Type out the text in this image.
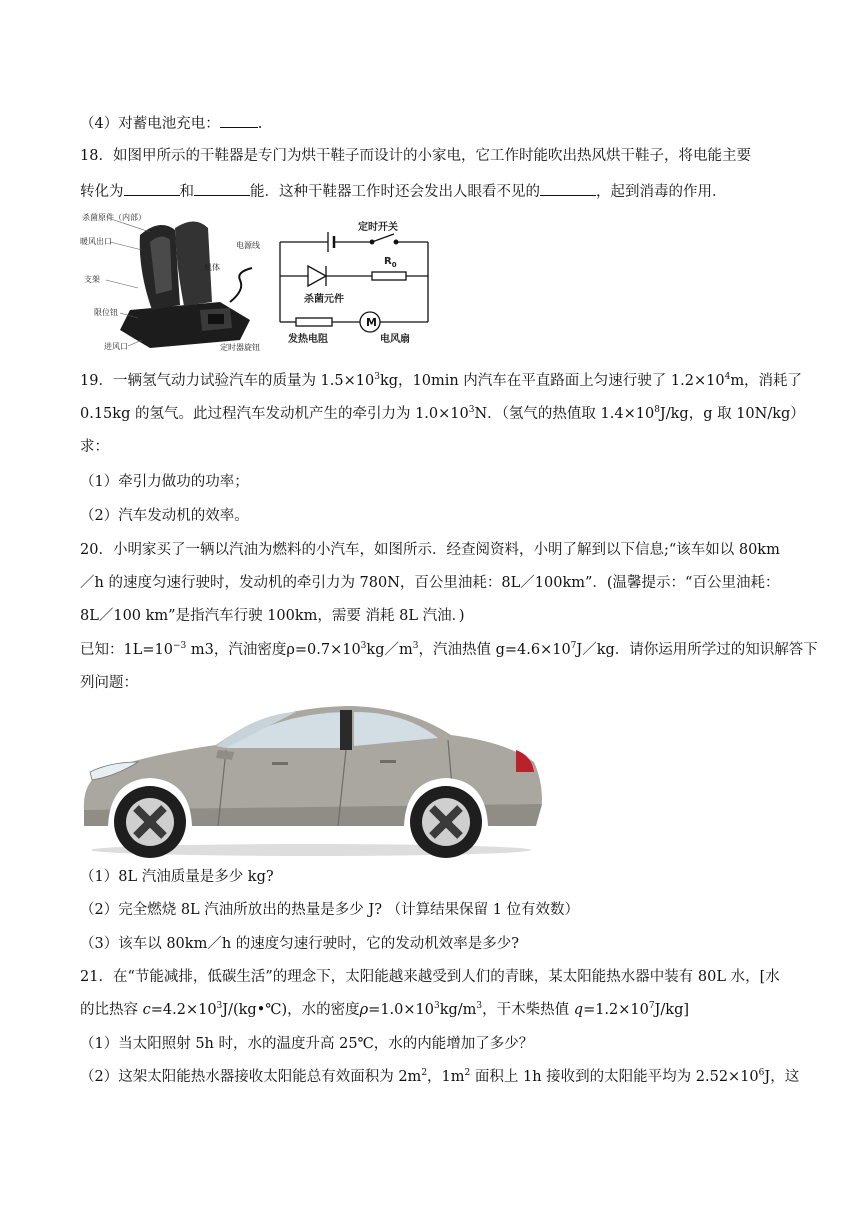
（4）对蓄电池充电：	.
18．如图甲所示的干鞋器是专门为烘干鞋子而设计的小家电，它工作时能吹出热风烘干鞋子，将电能主要
转化为	和	能．这种干鞋器工作时还会发出人眼看不见的	，起到消毒的作用．
杀菌原件（内部）
暖风出口
支架
机体
电源线
限位钮
进风口	定时器旋钮
M
定时开关
$R_0$
杀菌元件
发热电阻	电风扇
19．一辆氢气动力试验汽车的质量为 $1.5\times 10^3kg$，10min 内汽车在平直路面上匀速行驶了 $1.2\times 10^4m$，消耗了
0.15kg 的氢气。此过程汽车发动机产生的牵引力为 $1.0\times 10^3N$．（氢气的热值取 $1.4\times 10^8J/kg$，g 取 10N/kg）
求：
（1）牵引力做功的功率；
（2）汽车发动机的效率。
20．小明家买了一辆以汽油为燃料的小汽车，如图所示．经查阅资料，小明了解到以下信息;“该车如以 80km
／h 的速度匀速行驶时，发动机的牵引力为 780N，百公里油耗：8L／100km”．(温馨提示：“百公里油耗：
8L／100 km”是指汽车行驶 100km，需要 消耗 8L 汽油．)
已知：$1L=10^{-3}$ m3，汽油密度$\rho=0.7\times 10^3kg/m^3$，汽油热值 $g=4.6\times 10^7J/kg$．请你运用所学过的知识解答下
列问题：
（1）8L 汽油质量是多少 kg?
（2）完全燃烧 8L 汽油所放出的热量是多少 J? （计算结果保留 1 位有效数）
（3）该车以 80km／h 的速度匀速行驶时，它的发动机效率是多少?
21．在“节能减排，低碳生活”的理念下，太阳能越来越受到人们的青睐，某太阳能热水器中装有 80L 水，[水
的比热容 $c=4.2\times 10^3J/(kg•℃)$，水的密度$\rho=1.0\times 10^3kg/m^3$，干木柴热值 $q=1.2\times 10^7J/kg$]
（1）当太阳照射 5h 时，水的温度升高 25℃，水的内能增加了多少？
（2）这架太阳能热水器接收太阳能总有效面积为 $2m^2$，$1m^2$ 面积上 1h 接收到的太阳能平均为 $2.52\times 10^6J$，这
